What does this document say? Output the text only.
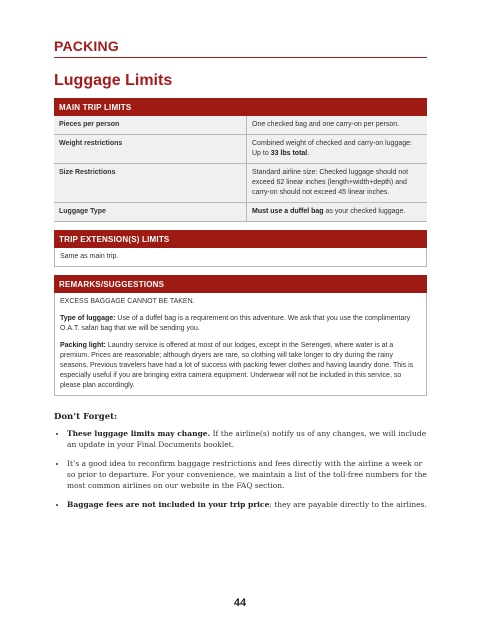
PACKING
Luggage Limits
MAIN TRIP LIMITS
Pieces per person	One checked bag and one carry-on per person.
Weight restrictions	Combined weight of checked and carry-on luggage: Up to 33 lbs total.
Size Restrictions	Standard airline size: Checked luggage should not exceed 62 linear inches (length+width+depth) and carry-on should not exceed 45 linear inches.
Luggage Type	Must use a duffel bag as your checked luggage.
TRIP EXTENSION(S) LIMITS
Same as main trip.
REMARKS/SUGGESTIONS

EXCESS BAGGAGE CANNOT BE TAKEN.

Type of luggage: Use of a duffel bag is a requirement on this adventure. We ask that you use the complimentary O.A.T. safari bag that we will be sending you.

Packing light: Laundry service is offered at most of our lodges, except in the Serengeti, where water is at a premium. Prices are reasonable; although dryers are rare, so clothing will take longer to dry during the rainy seasons. Previous travelers have had a lot of success with packing fewer clothes and having laundry done. This is especially useful if you are bringing extra camera equipment. Underwear will not be included in this service, so please plan accordingly.

Don’t Forget:
• These luggage limits may change. If the airline(s) notify us of any changes, we will include an update in your Final Documents booklet.
• It’s a good idea to reconfirm baggage restrictions and fees directly with the airline a week or so prior to departure. For your convenience, we maintain a list of the toll-free numbers for the most common airlines on our website in the FAQ section.
• Baggage fees are not included in your trip price; they are payable directly to the airlines.
44
